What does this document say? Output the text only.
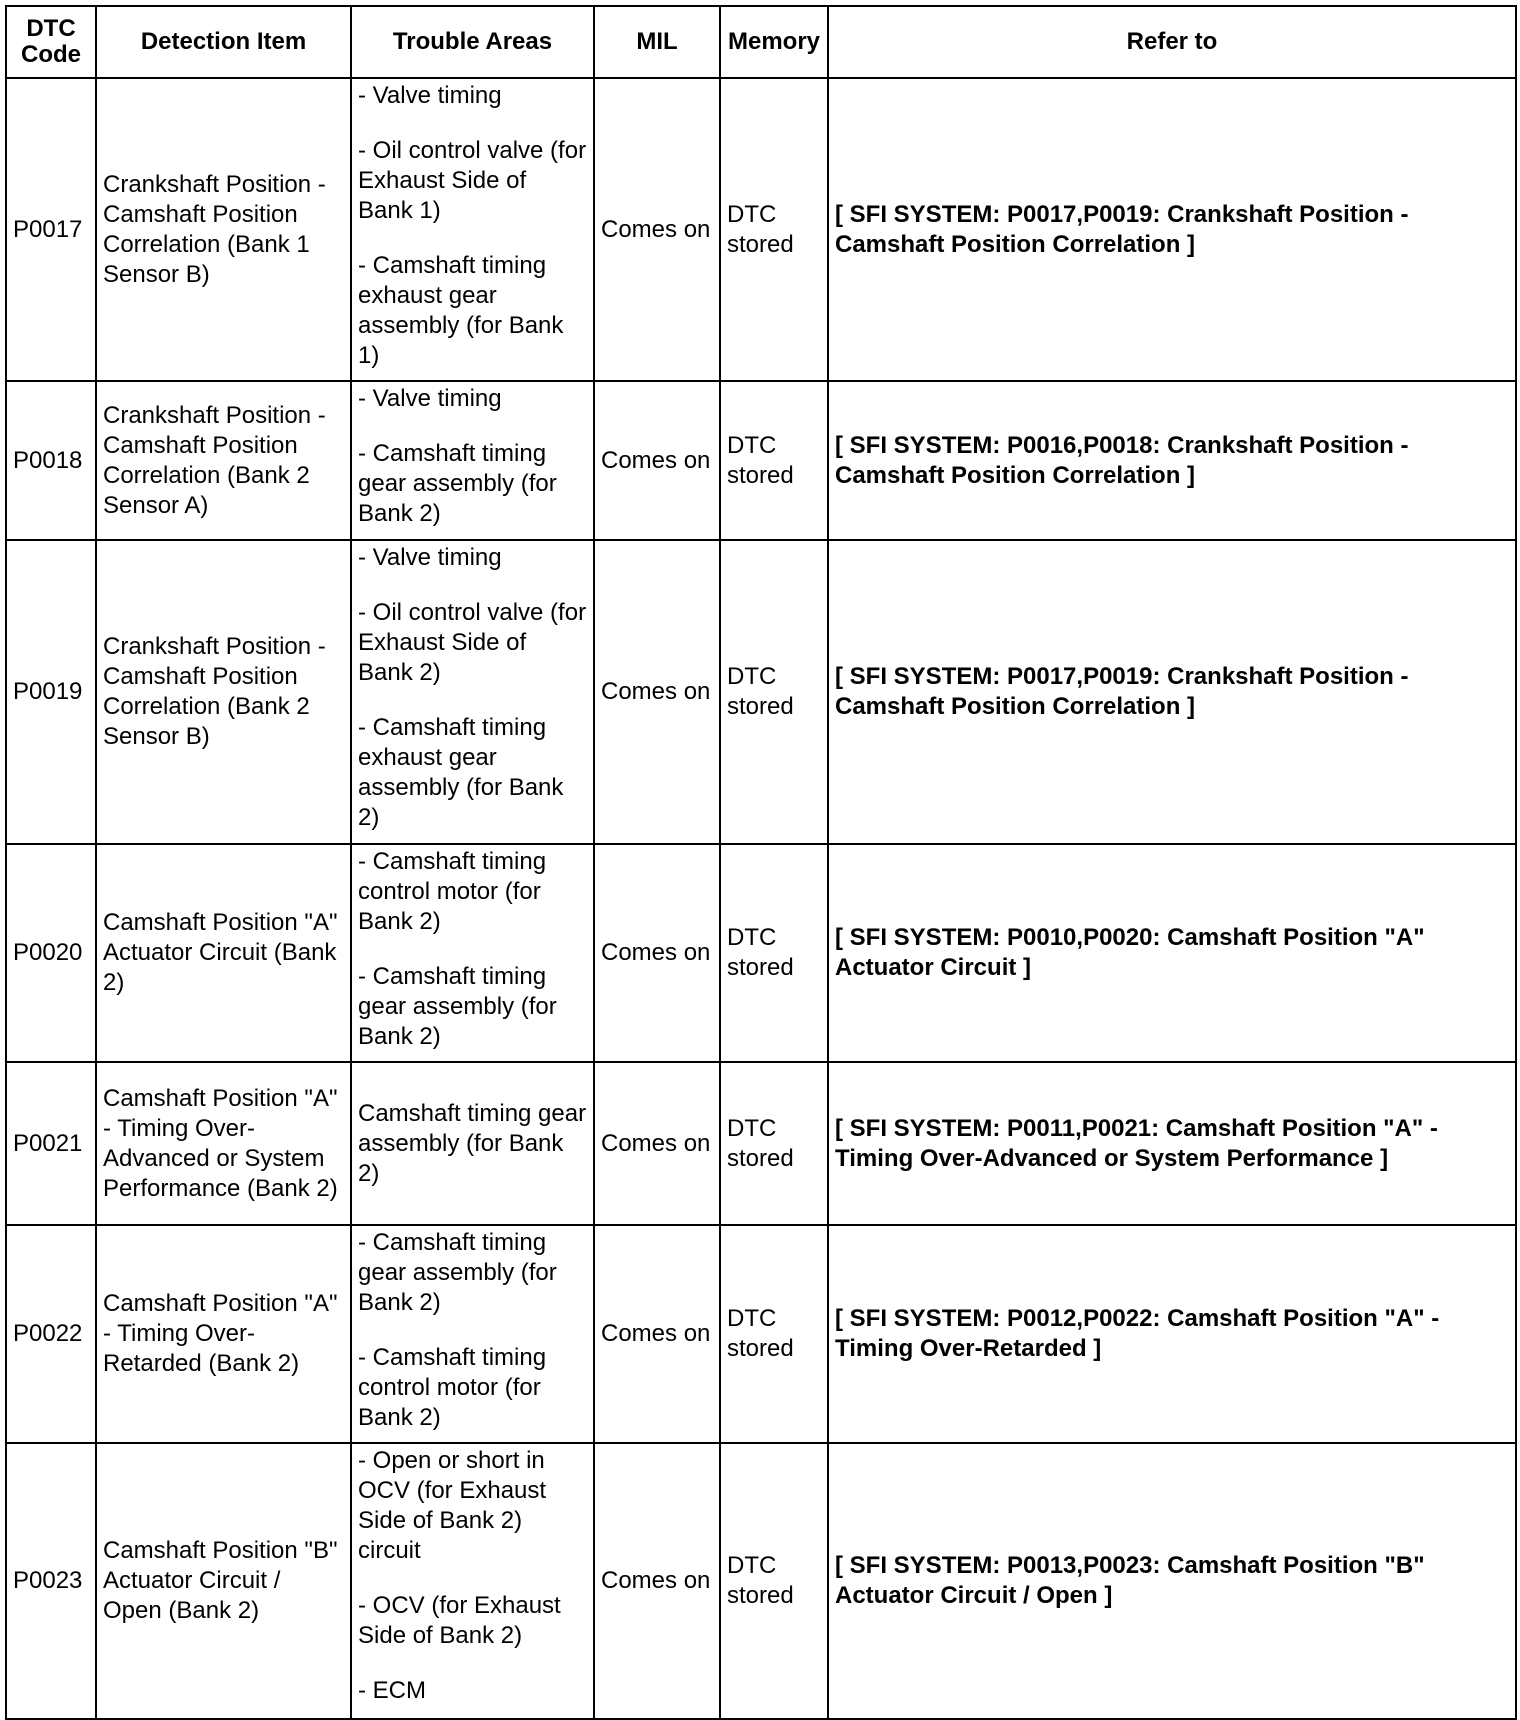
DTC Code	Detection Item	Trouble Areas	MIL	Memory	Refer to
P0017	Crankshaft Position - Camshaft Position Correlation (Bank 1 Sensor B)	- Valve timing
- Oil control valve (for Exhaust Side of Bank 1)
- Camshaft timing exhaust gear assembly (for Bank 1)	Comes on	DTC stored	[ SFI SYSTEM: P0017,P0019: Crankshaft Position - Camshaft Position Correlation ]
P0018	Crankshaft Position - Camshaft Position Correlation (Bank 2 Sensor A)	- Valve timing
- Camshaft timing gear assembly (for Bank 2)	Comes on	DTC stored	[ SFI SYSTEM: P0016,P0018: Crankshaft Position - Camshaft Position Correlation ]
P0019	Crankshaft Position - Camshaft Position Correlation (Bank 2 Sensor B)	- Valve timing
- Oil control valve (for Exhaust Side of Bank 2)
- Camshaft timing exhaust gear assembly (for Bank 2)	Comes on	DTC stored	[ SFI SYSTEM: P0017,P0019: Crankshaft Position - Camshaft Position Correlation ]
P0020	Camshaft Position "A" Actuator Circuit (Bank 2)	- Camshaft timing control motor (for Bank 2)
- Camshaft timing gear assembly (for Bank 2)	Comes on	DTC stored	[ SFI SYSTEM: P0010,P0020: Camshaft Position "A" Actuator Circuit ]
P0021	Camshaft Position "A" - Timing Over-Advanced or System Performance (Bank 2)	Camshaft timing gear assembly (for Bank 2)	Comes on	DTC stored	[ SFI SYSTEM: P0011,P0021: Camshaft Position "A" - Timing Over-Advanced or System Performance ]
P0022	Camshaft Position "A" - Timing Over-Retarded (Bank 2)	- Camshaft timing gear assembly (for Bank 2)
- Camshaft timing control motor (for Bank 2)	Comes on	DTC stored	[ SFI SYSTEM: P0012,P0022: Camshaft Position "A" - Timing Over-Retarded ]
P0023	Camshaft Position "B" Actuator Circuit / Open (Bank 2)	- Open or short in OCV (for Exhaust Side of Bank 2) circuit
- OCV (for Exhaust Side of Bank 2)
- ECM	Comes on	DTC stored	[ SFI SYSTEM: P0013,P0023: Camshaft Position "B" Actuator Circuit / Open ]
